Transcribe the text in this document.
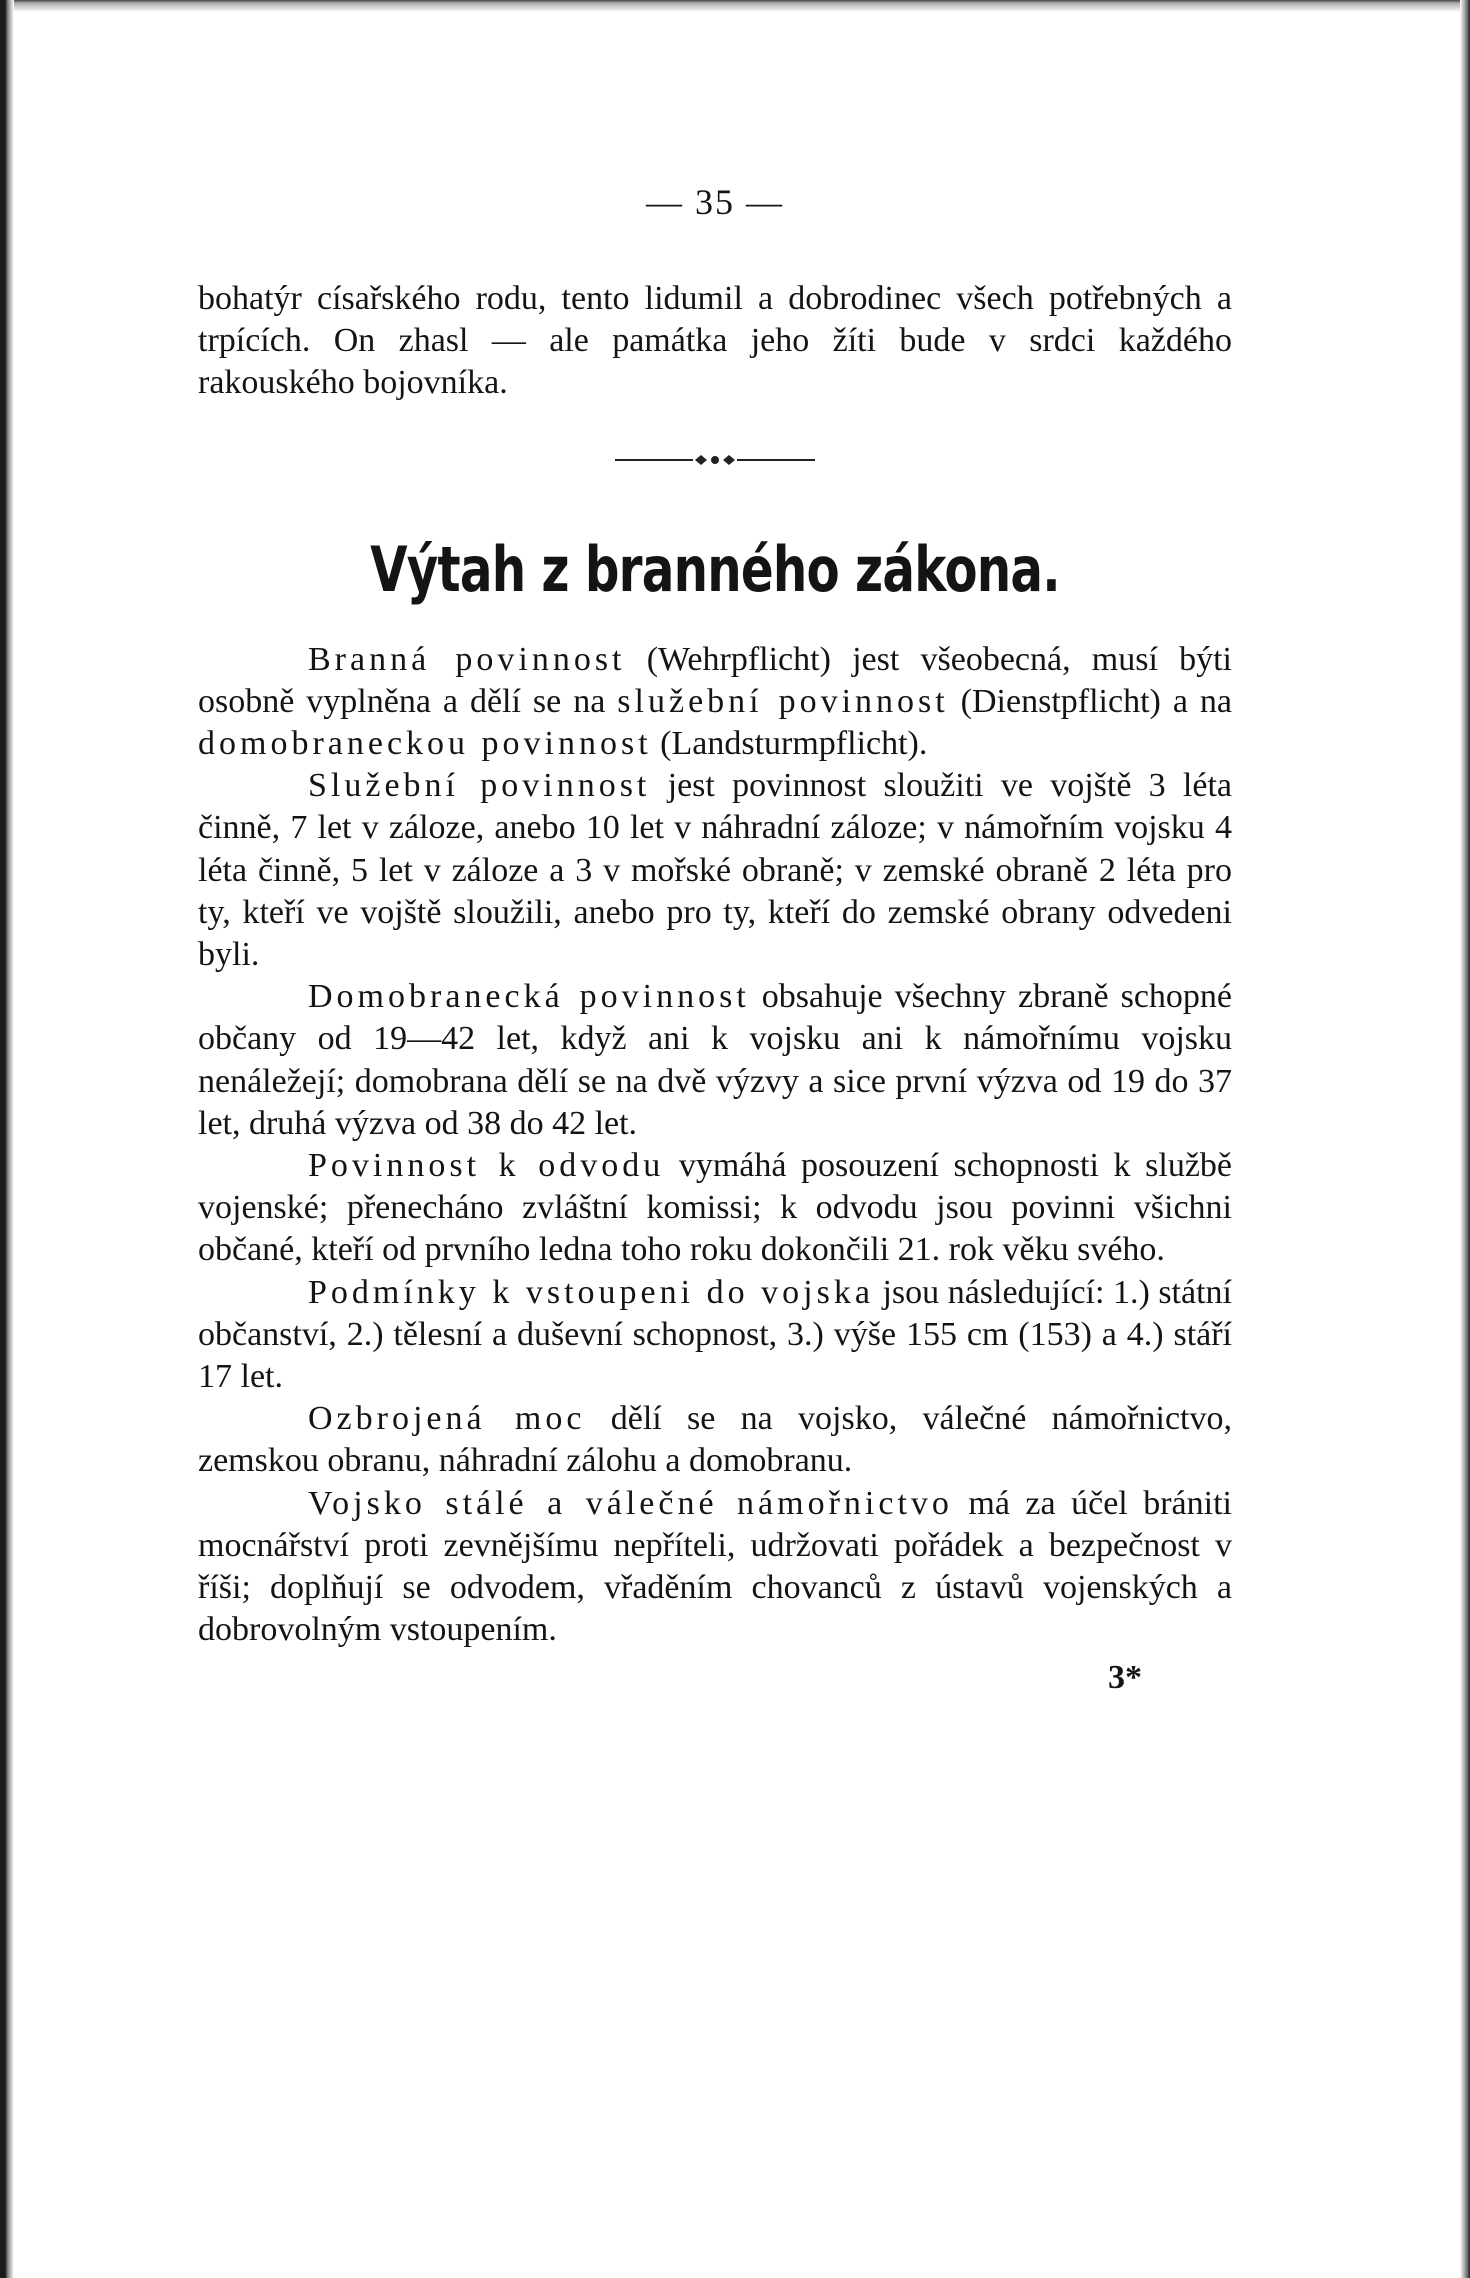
— 35 —

bohatýr císařského rodu, tento lidumil a dobrodinec všech potřebných a trpících. On zhasl — ale památka jeho žíti bude v srdci každého rakouského bojovníka.

Výtah z branného zákona.

Branná povinnost (Wehrpflicht) jest všeobecná, musí býti osobně vyplněna a dělí se na služební povinnost (Dienstpflicht) a na domobraneckou povinnost (Landsturmpflicht).

Služební povinnost jest povinnost sloužiti ve vojště 3 léta činně, 7 let v záloze, anebo 10 let v náhradní záloze; v námořním vojsku 4 léta činně, 5 let v záloze a 3 v mořské obraně; v zemské obraně 2 léta pro ty, kteří ve vojště sloužili, anebo pro ty, kteří do zemské obrany odvedeni byli.

Domobranecká povinnost obsahuje všechny zbraně schopné občany od 19—42 let, když ani k vojsku ani k námořnímu vojsku nenáležejí; domobrana dělí se na dvě výzvy a sice první výzva od 19 do 37 let, druhá výzva od 38 do 42 let.

Povinnost k odvodu vymáhá posouzení schopnosti k službě vojenské; přenecháno zvláštní komissi; k odvodu jsou povinni všichni občané, kteří od prvního ledna toho roku dokončili 21. rok věku svého.

Podmínky k vstoupeni do vojska jsou následující: 1.) státní občanství, 2.) tělesní a duševní schopnost, 3.) výše 155 cm (153) a 4.) stáří 17 let.

Ozbrojená moc dělí se na vojsko, válečné námořnictvo, zemskou obranu, náhradní zálohu a domobranu.

Vojsko stálé a válečné námořnictvo má za účel brániti mocnářství proti zevnějšímu nepříteli, udržovati pořádek a bezpečnost v říši; doplňují se odvodem, vřaděním chovanců z ústavů vojenských a dobrovolným vstoupením.

3*
